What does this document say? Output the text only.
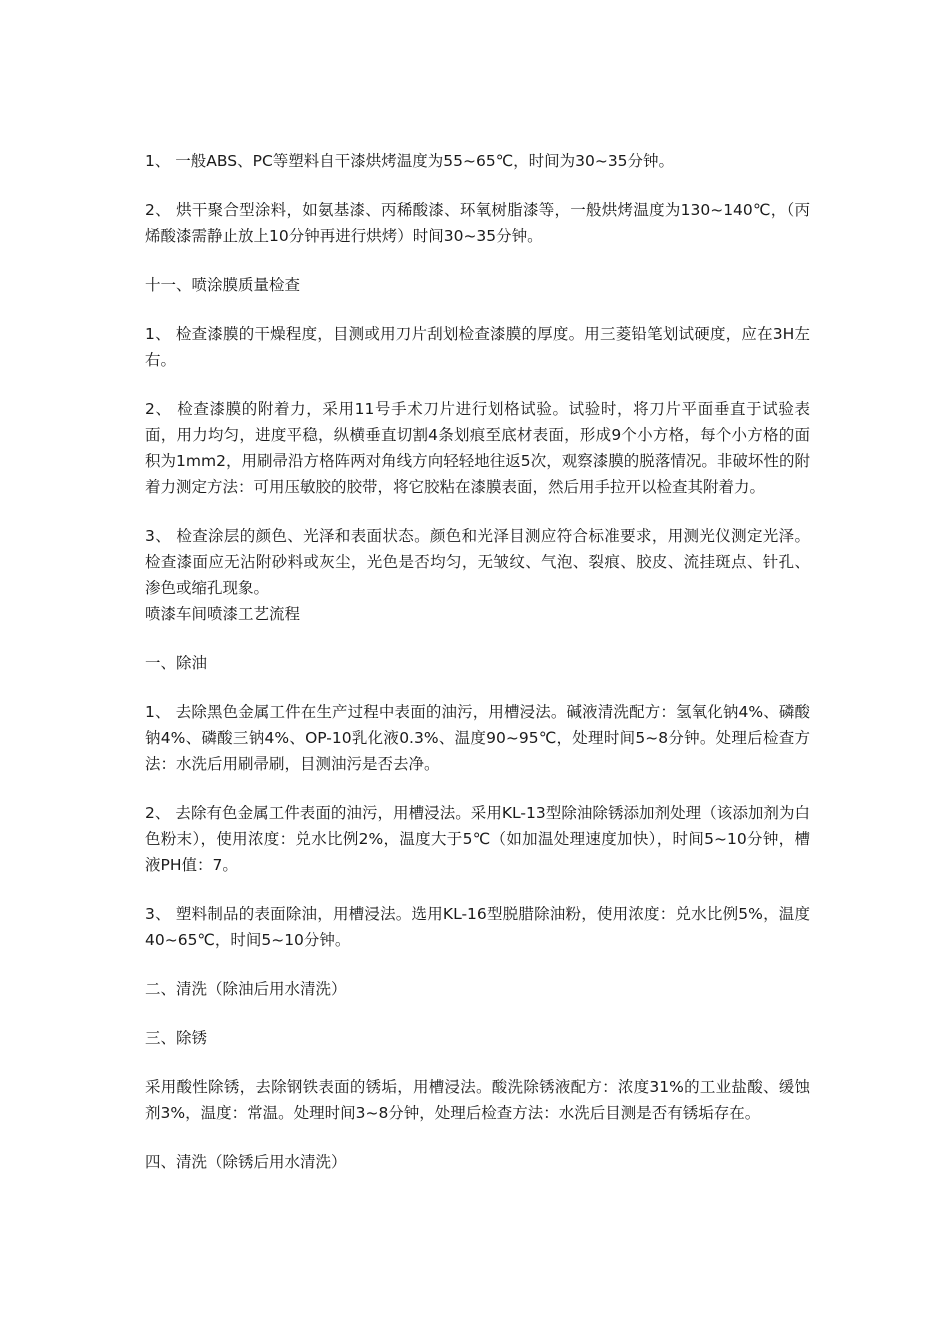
1、 一般ABS、PC等塑料自干漆烘烤温度为55~65℃，时间为30~35分钟。

2、 烘干聚合型涂料，如氨基漆、丙稀酸漆、环氧树脂漆等，一般烘烤温度为130~140℃，（丙烯酸漆需静止放上10分钟再进行烘烤）时间30~35分钟。

十一、喷涂膜质量检查

1、 检查漆膜的干燥程度，目测或用刀片刮划检查漆膜的厚度。用三菱铅笔划试硬度，应在3H左右。

2、 检查漆膜的附着力，采用11号手术刀片进行划格试验。试验时，将刀片平面垂直于试验表面，用力均匀，进度平稳，纵横垂直切割4条划痕至底材表面，形成9个小方格，每个小方格的面积为1mm2，用刷帚沿方格阵两对角线方向轻轻地往返5次，观察漆膜的脱落情况。非破坏性的附着力测定方法：可用压敏胶的胶带，将它胶粘在漆膜表面，然后用手拉开以检查其附着力。

3、 检查涂层的颜色、光泽和表面状态。颜色和光泽目测应符合标准要求，用测光仪测定光泽。检查漆面应无沾附砂料或灰尘，光色是否均匀，无皱纹、气泡、裂痕、胶皮、流挂斑点、针孔、渗色或缩孔现象。

喷漆车间喷漆工艺流程

一、除油

1、 去除黑色金属工件在生产过程中表面的油污，用槽浸法。碱液清洗配方：氢氧化钠4%、磷酸钠4%、磷酸三钠4%、OP-10乳化液0.3%、温度90~95℃，处理时间5~8分钟。处理后检查方法：水洗后用刷帚刷，目测油污是否去净。

2、 去除有色金属工件表面的油污，用槽浸法。采用KL-13型除油除锈添加剂处理（该添加剂为白色粉末），使用浓度：兑水比例2%，温度大于5℃（如加温处理速度加快），时间5~10分钟，槽液PH值：7。

3、 塑料制品的表面除油，用槽浸法。选用KL-16型脱腊除油粉，使用浓度：兑水比例5%，温度40~65℃，时间5~10分钟。

二、清洗（除油后用水清洗）

三、除锈

采用酸性除锈，去除钢铁表面的锈垢，用槽浸法。酸洗除锈液配方：浓度31%的工业盐酸、缓蚀剂3%，温度：常温。处理时间3~8分钟，处理后检查方法：水洗后目测是否有锈垢存在。

四、清洗（除锈后用水清洗）
